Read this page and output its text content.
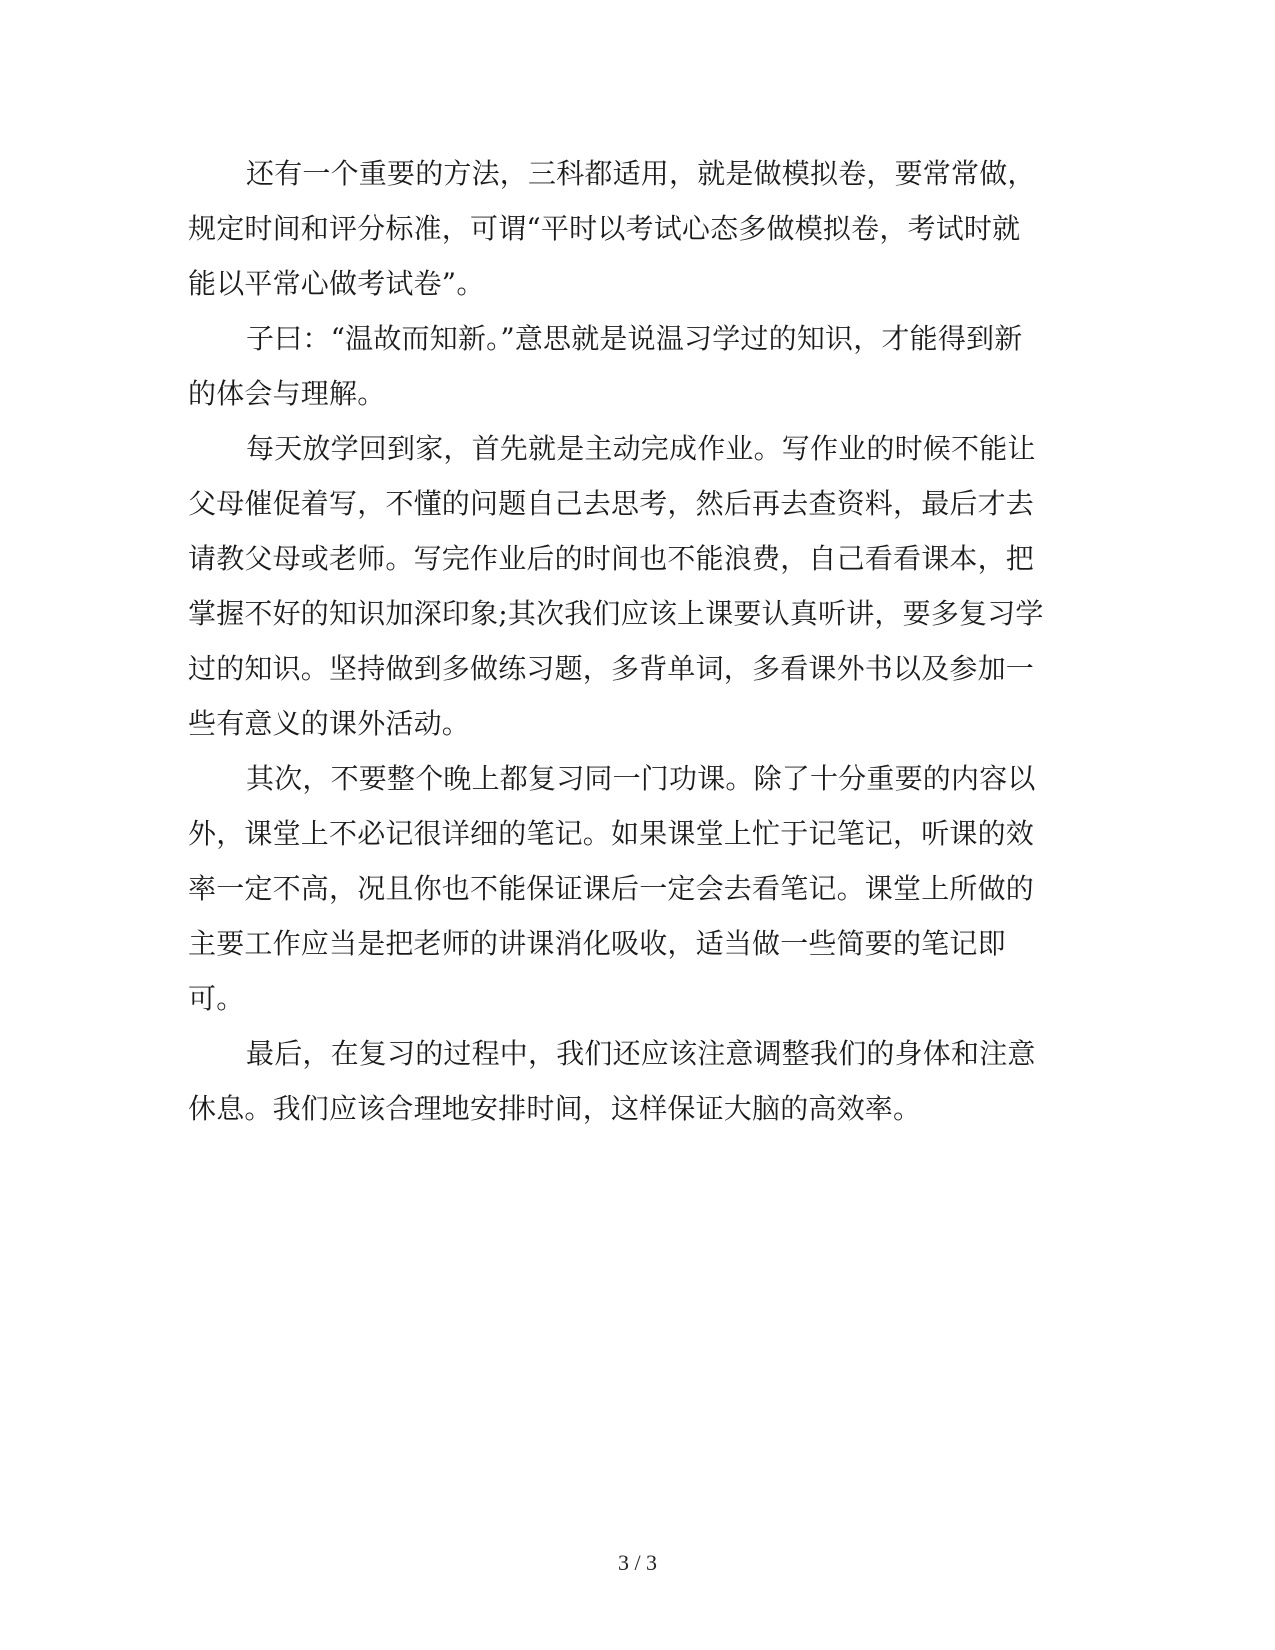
还有一个重要的方法，三科都适用，就是做模拟卷，要常常做，规定时间和评分标准，可谓“平时以考试心态多做模拟卷，考试时就能以平常心做考试卷”。

子曰：“温故而知新。”意思就是说温习学过的知识，才能得到新的体会与理解。

每天放学回到家，首先就是主动完成作业。写作业的时候不能让父母催促着写，不懂的问题自己去思考，然后再去查资料，最后才去请教父母或老师。写完作业后的时间也不能浪费，自己看看课本，把掌握不好的知识加深印象;其次我们应该上课要认真听讲，要多复习学过的知识。坚持做到多做练习题，多背单词，多看课外书以及参加一些有意义的课外活动。

其次，不要整个晚上都复习同一门功课。除了十分重要的内容以外，课堂上不必记很详细的笔记。如果课堂上忙于记笔记，听课的效率一定不高，况且你也不能保证课后一定会去看笔记。课堂上所做的主要工作应当是把老师的讲课消化吸收，适当做一些简要的笔记即可。

最后，在复习的过程中，我们还应该注意调整我们的身体和注意休息。我们应该合理地安排时间，这样保证大脑的高效率。

3 / 3
